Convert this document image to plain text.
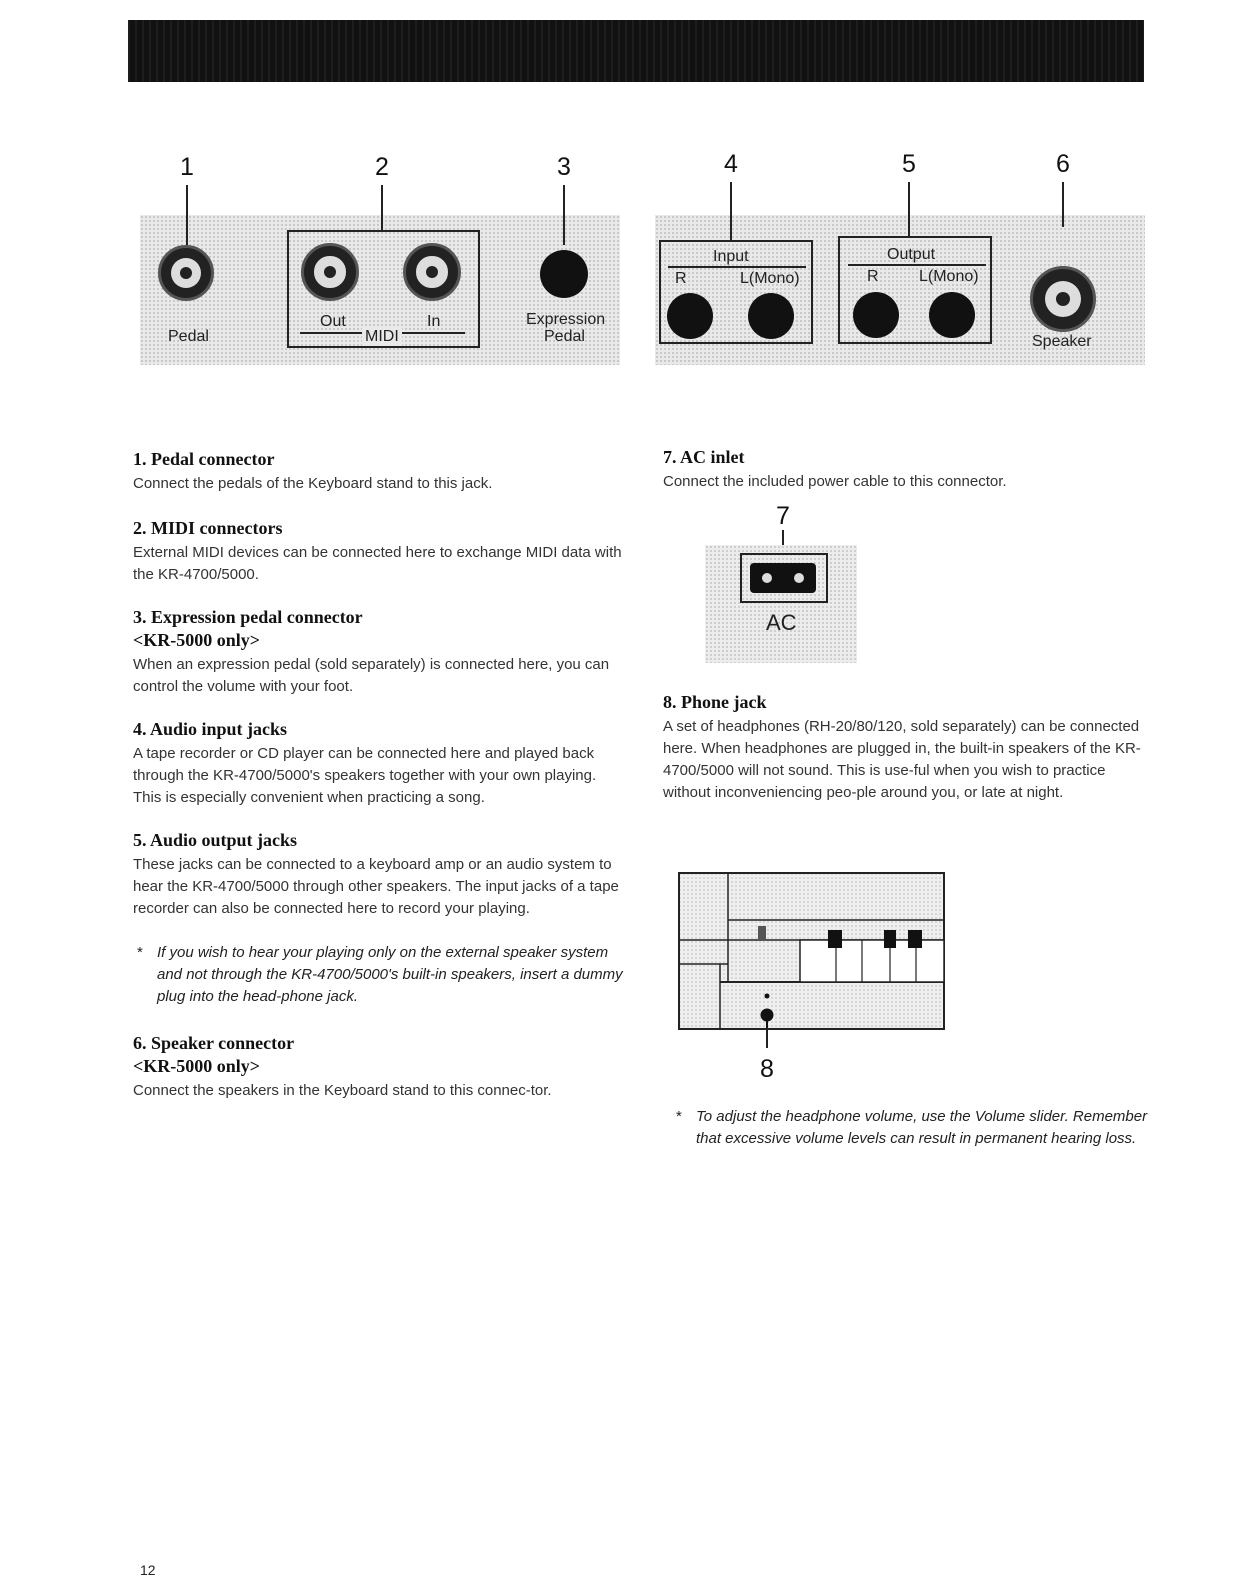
1	2	3
Pedal
Out	In
MIDI
Expression
Pedal
4	5	6
Input
R	L(Mono)
Output
R	L(Mono)
Speaker

1. Pedal connector

Connect the pedals of the Keyboard stand to this jack.

2. MIDI connectors

External MIDI devices can be connected here to exchange MIDI data with the KR-4700/5000.

3. Expression pedal connector

<KR-5000 only>

When an expression pedal (sold separately) is connected here, you can control the volume with your foot.

4. Audio input jacks

A tape recorder or CD player can be connected here and played back through the KR-4700/5000's speakers together with your own playing. This is especially convenient when practicing a song.

5. Audio output jacks

These jacks can be connected to a keyboard amp or an audio system to hear the KR-4700/5000 through other speakers. The input jacks of a tape recorder can also be connected here to record your playing.

* If you wish to hear your playing only on the external speaker system and not through the KR-4700/5000's built-in speakers, insert a dummy plug into the head-phone jack.

6. Speaker connector

<KR-5000 only>

Connect the speakers in the Keyboard stand to this connec-tor.

7. AC inlet

Connect the included power cable to this connector.

8. Phone jack

A set of headphones (RH-20/80/120, sold separately) can be connected here. When headphones are plugged in, the built-in speakers of the KR-4700/5000 will not sound. This is use-ful when you wish to practice without inconveniencing peo-ple around you, or late at night.

7
AC
8
* To adjust the headphone volume, use the Volume slider. Remember that excessive volume levels can result in permanent hearing loss.
12
